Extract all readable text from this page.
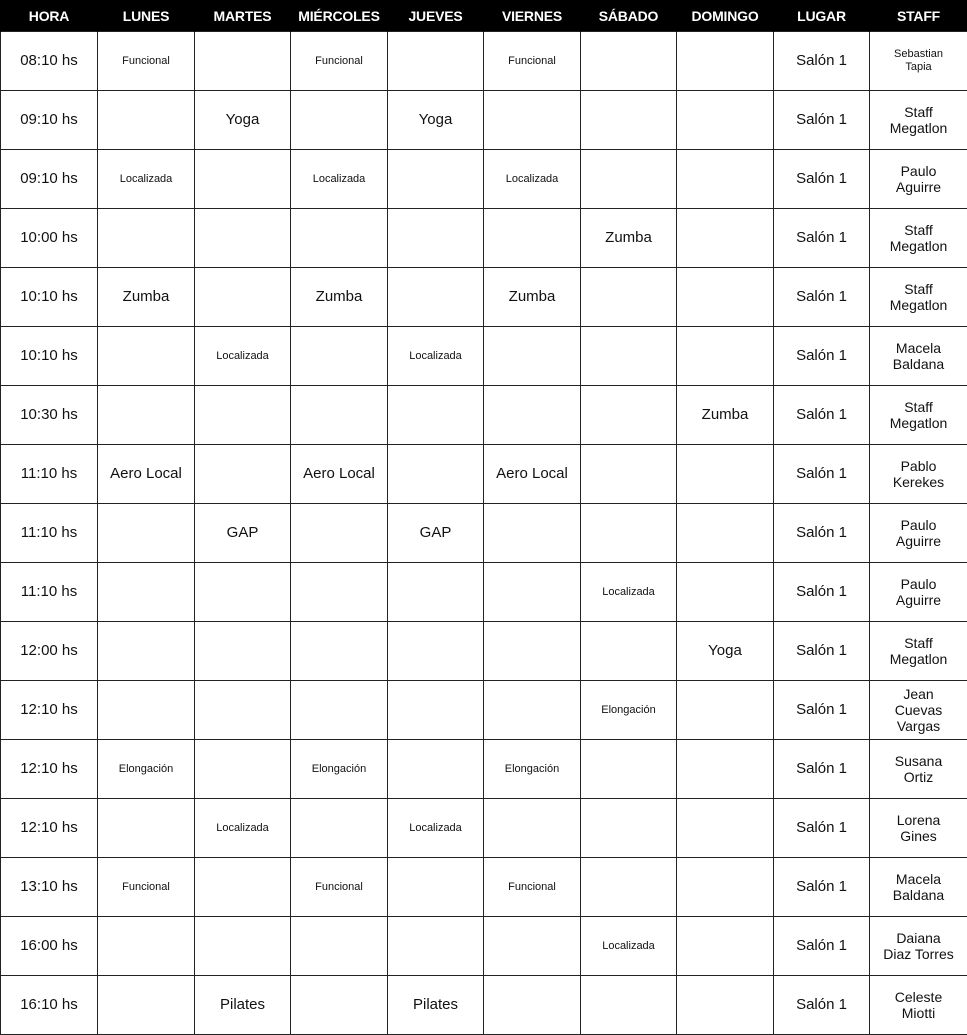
HORA	LUNES	MARTES	MIÉRCOLES	JUEVES	VIERNES	SÁBADO	DOMINGO	LUGAR	STAFF
08:10 hs	Funcional		Funcional		Funcional			Salón 1	Sebastian
Tapia

09:10 hs		Yoga		Yoga				Salón 1	Staff
Megatlon

09:10 hs	Localizada		Localizada		Localizada			Salón 1	Paulo
Aguirre

10:00 hs						Zumba		Salón 1	Staff
Megatlon

10:10 hs	Zumba		Zumba		Zumba			Salón 1	Staff
Megatlon

10:10 hs		Localizada		Localizada				Salón 1	Macela
Baldana

10:30 hs							Zumba	Salón 1	Staff
Megatlon

11:10 hs	Aero Local		Aero Local		Aero Local			Salón 1	Pablo
Kerekes

11:10 hs		GAP		GAP				Salón 1	Paulo
Aguirre

11:10 hs						Localizada		Salón 1	Paulo
Aguirre

12:00 hs							Yoga	Salón 1	Staff
Megatlon

12:10 hs						Elongación		Salón 1	Jean
Cuevas
Vargas

12:10 hs	Elongación		Elongación		Elongación			Salón 1	Susana
Ortiz

12:10 hs		Localizada		Localizada				Salón 1	Lorena
Gines

13:10 hs	Funcional		Funcional		Funcional			Salón 1	Macela
Baldana

16:00 hs						Localizada		Salón 1	Daiana
Diaz Torres

16:10 hs		Pilates		Pilates				Salón 1	Celeste
Miotti
